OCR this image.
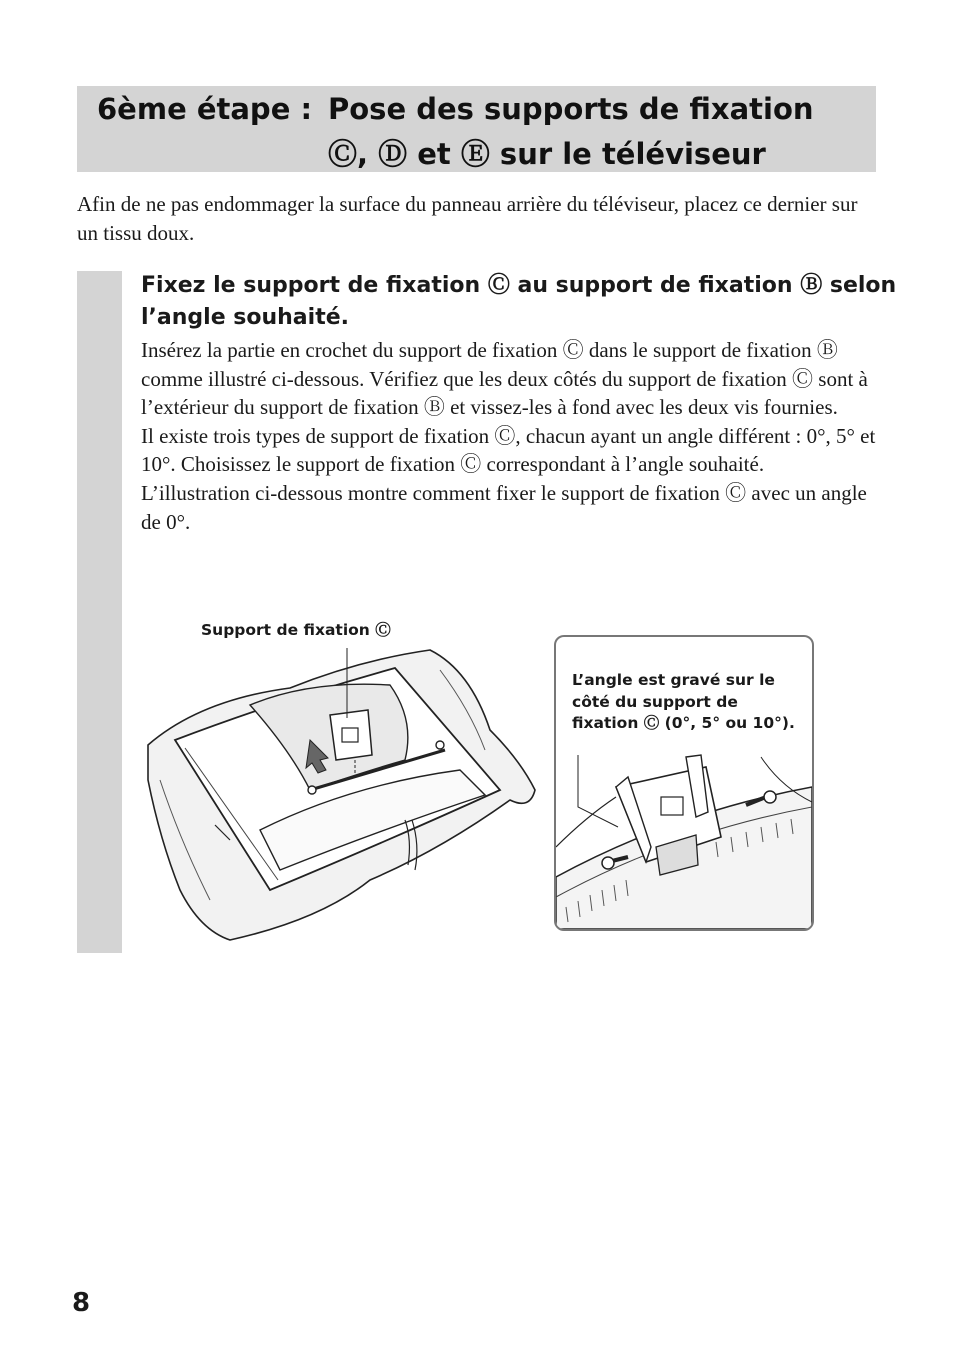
6ème étape : Pose des supports de fixation
Ⓒ, Ⓓ et Ⓔ sur le téléviseur

Afin de ne pas endommager la surface du panneau arrière du téléviseur, placez ce dernier sur un tissu doux.

Fixez le support de fixation Ⓒ au support de fixation Ⓑ selon l’angle souhaité.
Insérez la partie en crochet du support de fixation Ⓒ dans le support de fixation Ⓑ comme illustré ci-dessous. Vérifiez que les deux côtés du support de fixation Ⓒ sont à l’extérieur du support de fixation Ⓑ et vissez-les à fond avec les deux vis fournies.
Il existe trois types de support de fixation Ⓒ, chacun ayant un angle différent : 0°, 5° et 10°. Choisissez le support de fixation Ⓒ correspondant à l’angle souhaité.
L’illustration ci-dessous montre comment fixer le support de fixation Ⓒ avec un angle de 0°.
Support de fixation Ⓒ
L’angle est gravé sur le côté du support de fixation Ⓒ (0°, 5° ou 10°).
8
